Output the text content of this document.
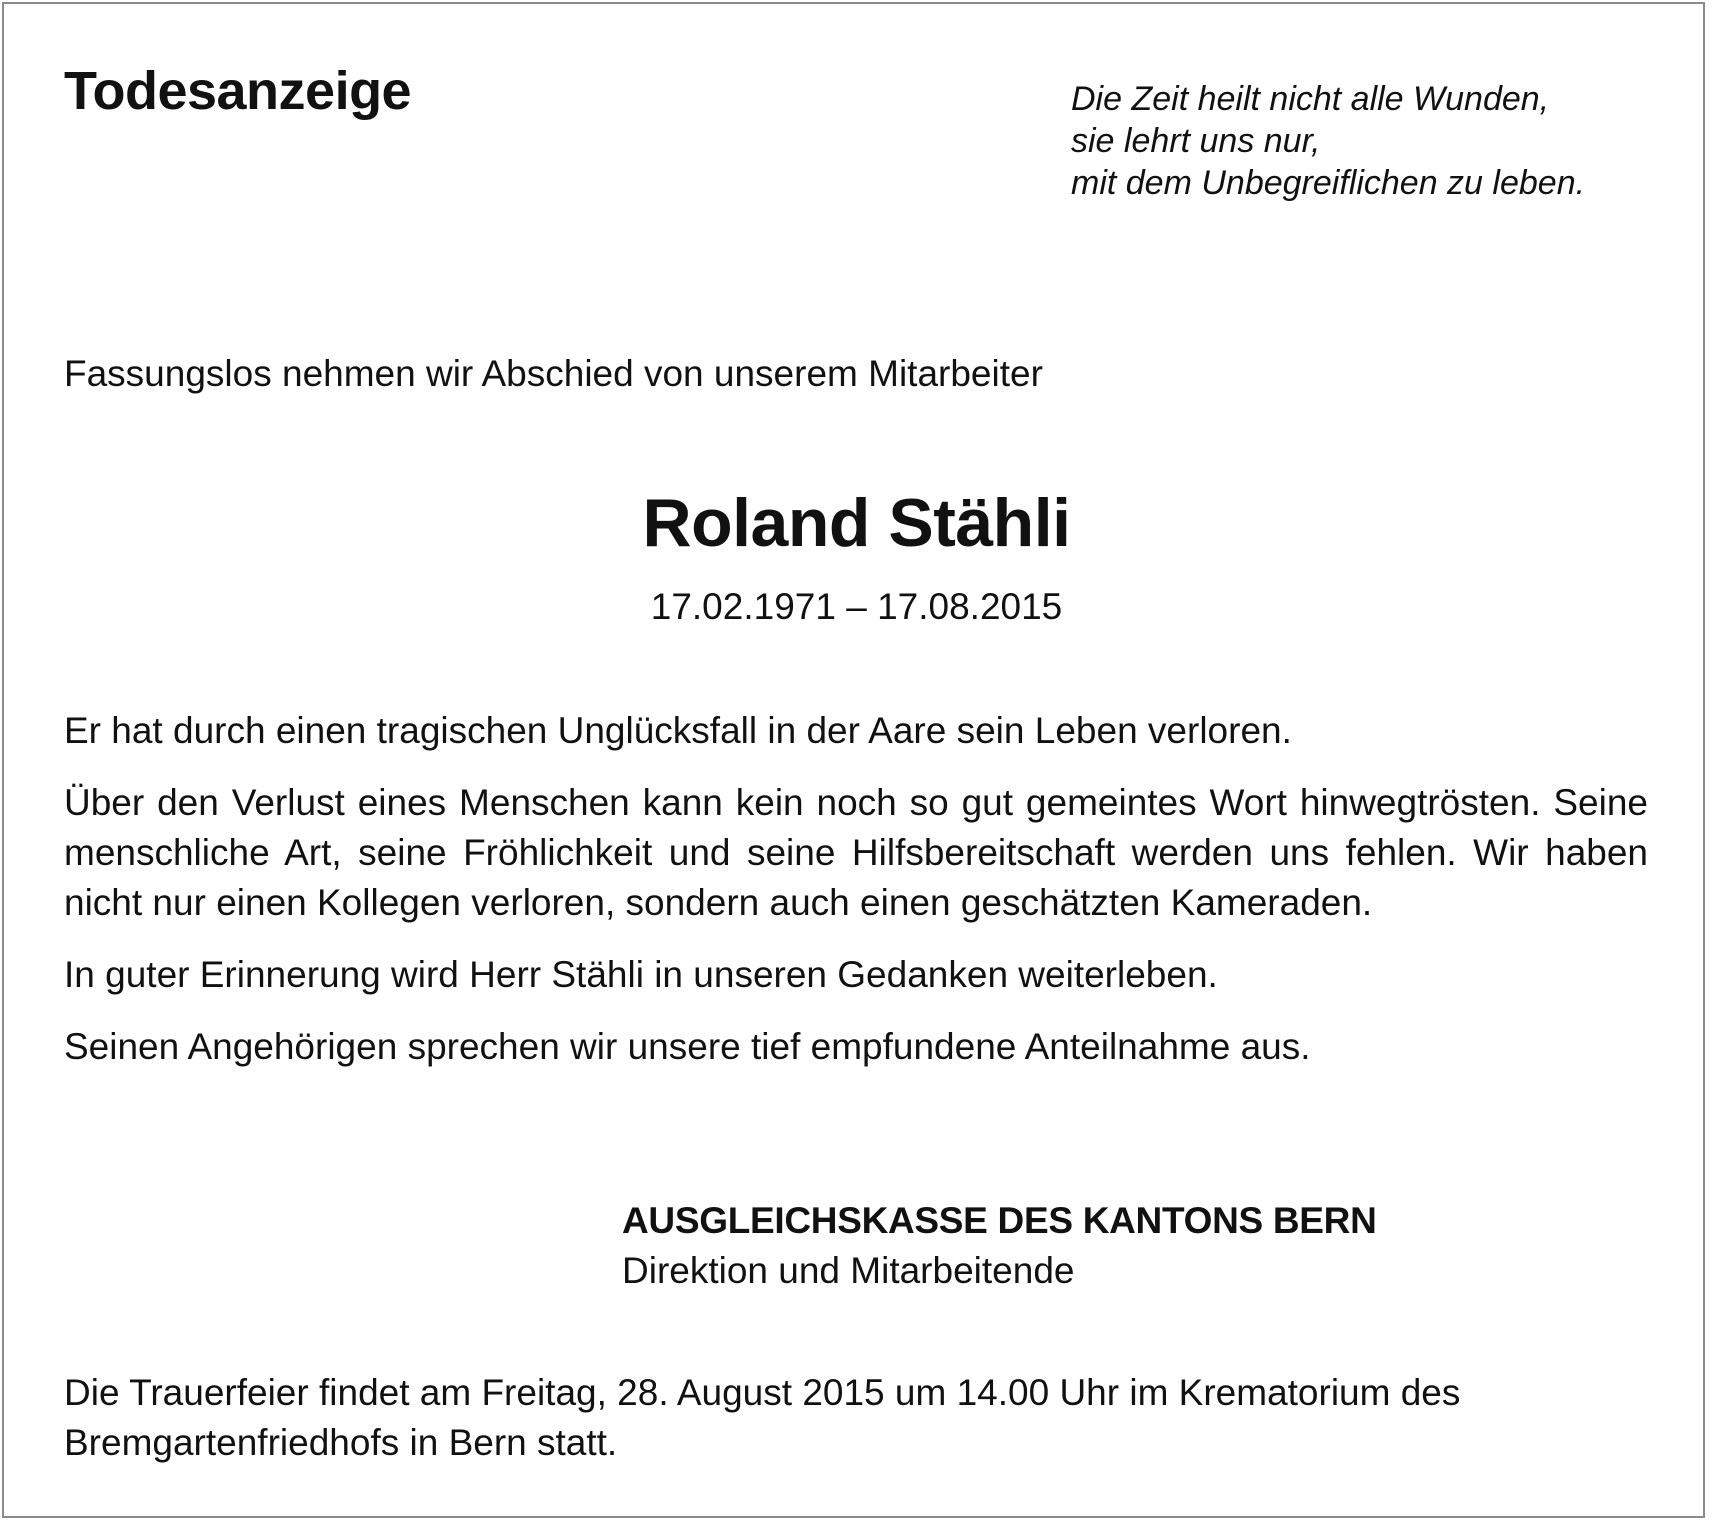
Todesanzeige	Die Zeit heilt nicht alle Wunden,
sie lehrt uns nur,
mit dem Unbegreiflichen zu leben.
Fassungslos nehmen wir Abschied von unserem Mitarbeiter
Roland Stähli
17.02.1971 – 17.08.2015

Er hat durch einen tragischen Unglücksfall in der Aare sein Leben verloren.

Über den Verlust eines Menschen kann kein noch so gut gemeintes Wort hinwegtrösten. Seine menschliche Art, seine Fröhlichkeit und seine Hilfsbereitschaft werden uns fehlen. Wir haben nicht nur einen Kollegen verloren, sondern auch einen geschätzten Kameraden.

In guter Erinnerung wird Herr Stähli in unseren Gedanken weiterleben.

Seinen Angehörigen sprechen wir unsere tief empfundene Anteilnahme aus.

AUSGLEICHSKASSE DES KANTONS BERN
Direktion und Mitarbeitende
Die Trauerfeier findet am Freitag, 28. August 2015 um 14.00 Uhr im Krematorium des Bremgartenfriedhofs in Bern statt.
